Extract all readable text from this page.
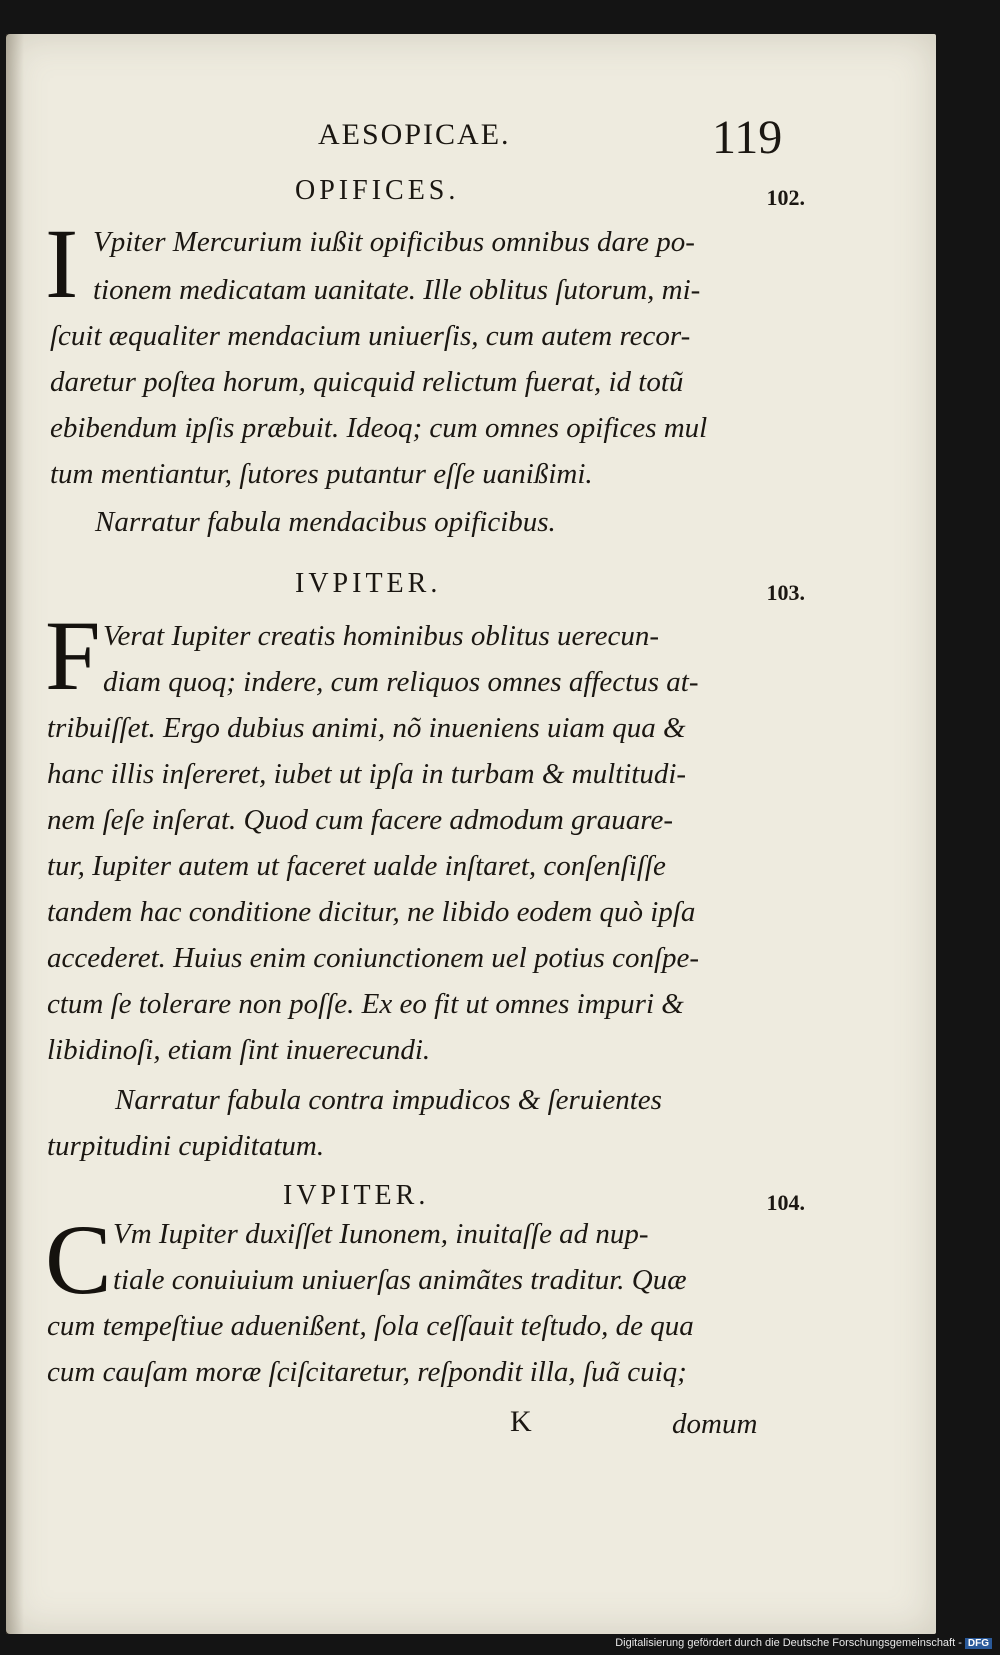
AESOPICAE.	119
OPIFICES.	102.
I Vpiter Mercurium iußit opificibus omnibus dare po-
tionem medicatam uanitate. Ille oblitus ſutorum, mi-
ſcuit æqualiter mendacium uniuerſis, cum autem recor-
daretur poſtea horum, quicquid relictum fuerat, id totũ
ebibendum ipſis præbuit. Ideoq; cum omnes opifices mul
tum mentiantur, ſutores putantur eſſe uanißimi.
Narratur fabula mendacibus opificibus.
IVPITER.	103.
F Verat Iupiter creatis hominibus oblitus uerecun-
diam quoq; indere, cum reliquos omnes affectus at-
tribuiſſet. Ergo dubius animi, nõ inueniens uiam qua &
hanc illis inſereret, iubet ut ipſa in turbam & multitudi-
nem ſeſe inſerat. Quod cum facere admodum grauare-
tur, Iupiter autem ut faceret ualde inſtaret, conſenſiſſe
tandem hac conditione dicitur, ne libido eodem quò ipſa
accederet. Huius enim coniunctionem uel potius conſpe-
ctum ſe tolerare non poſſe. Ex eo fit ut omnes impuri &
libidinoſi, etiam ſint inuerecundi.
Narratur fabula contra impudicos & ſeruientes
turpitudini cupiditatum.
IVPITER.	104.
C Vm Iupiter duxiſſet Iunonem, inuitaſſe ad nup-
tiale conuiuium uniuerſas animãtes traditur. Quæ
cum tempeſtiue aduenißent, ſola ceſſauit teſtudo, de qua
cum cauſam moræ ſciſcitaretur, reſpondit illa, ſuã cuiq;
K	domum
Digitalisierung gefördert durch die Deutsche Forschungsgemeinschaft - DFG
